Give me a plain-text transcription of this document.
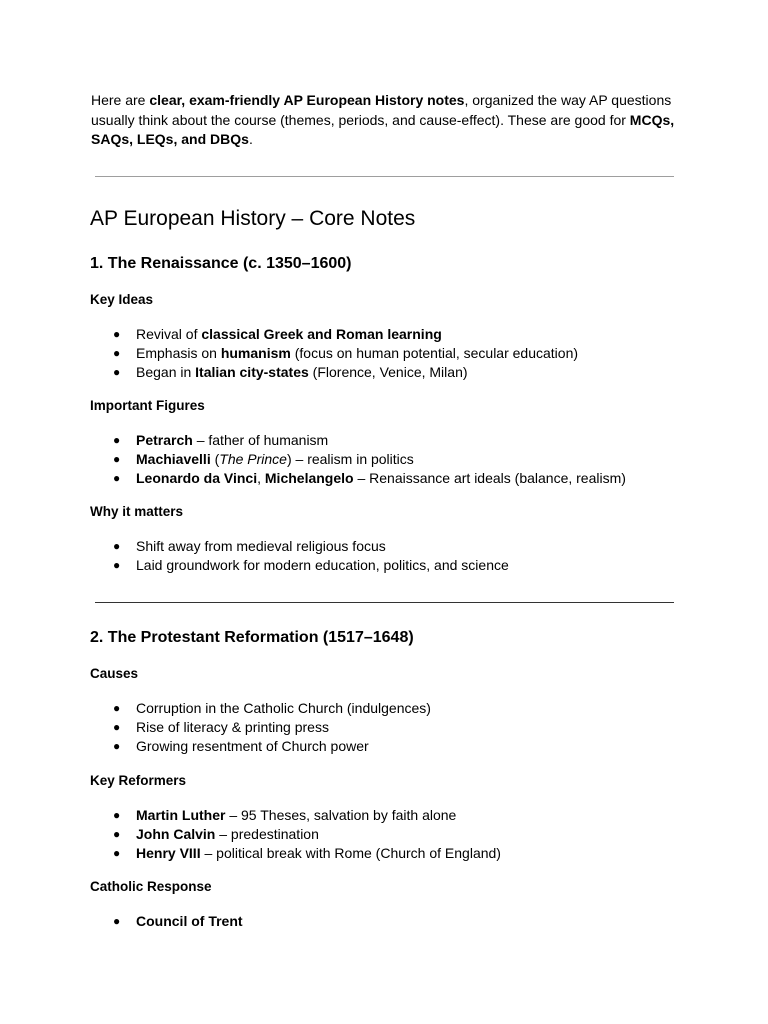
Here are clear, exam-friendly AP European History notes, organized the way AP questions usually think about the course (themes, periods, and cause-effect). These are good for MCQs, SAQs, LEQs, and DBQs.

AP European History – Core Notes
1. The Renaissance (c. 1350–1600)
Key Ideas
● Revival of classical Greek and Roman learning
● Emphasis on humanism (focus on human potential, secular education)
● Began in Italian city-states (Florence, Venice, Milan)
Important Figures
● Petrarch – father of humanism
● Machiavelli (The Prince) – realism in politics
● Leonardo da Vinci, Michelangelo – Renaissance art ideals (balance, realism)
Why it matters
● Shift away from medieval religious focus
● Laid groundwork for modern education, politics, and science
2. The Protestant Reformation (1517–1648)
Causes
● Corruption in the Catholic Church (indulgences)
● Rise of literacy & printing press
● Growing resentment of Church power
Key Reformers
● Martin Luther – 95 Theses, salvation by faith alone
● John Calvin – predestination
● Henry VIII – political break with Rome (Church of England)
Catholic Response
● Council of Trent
